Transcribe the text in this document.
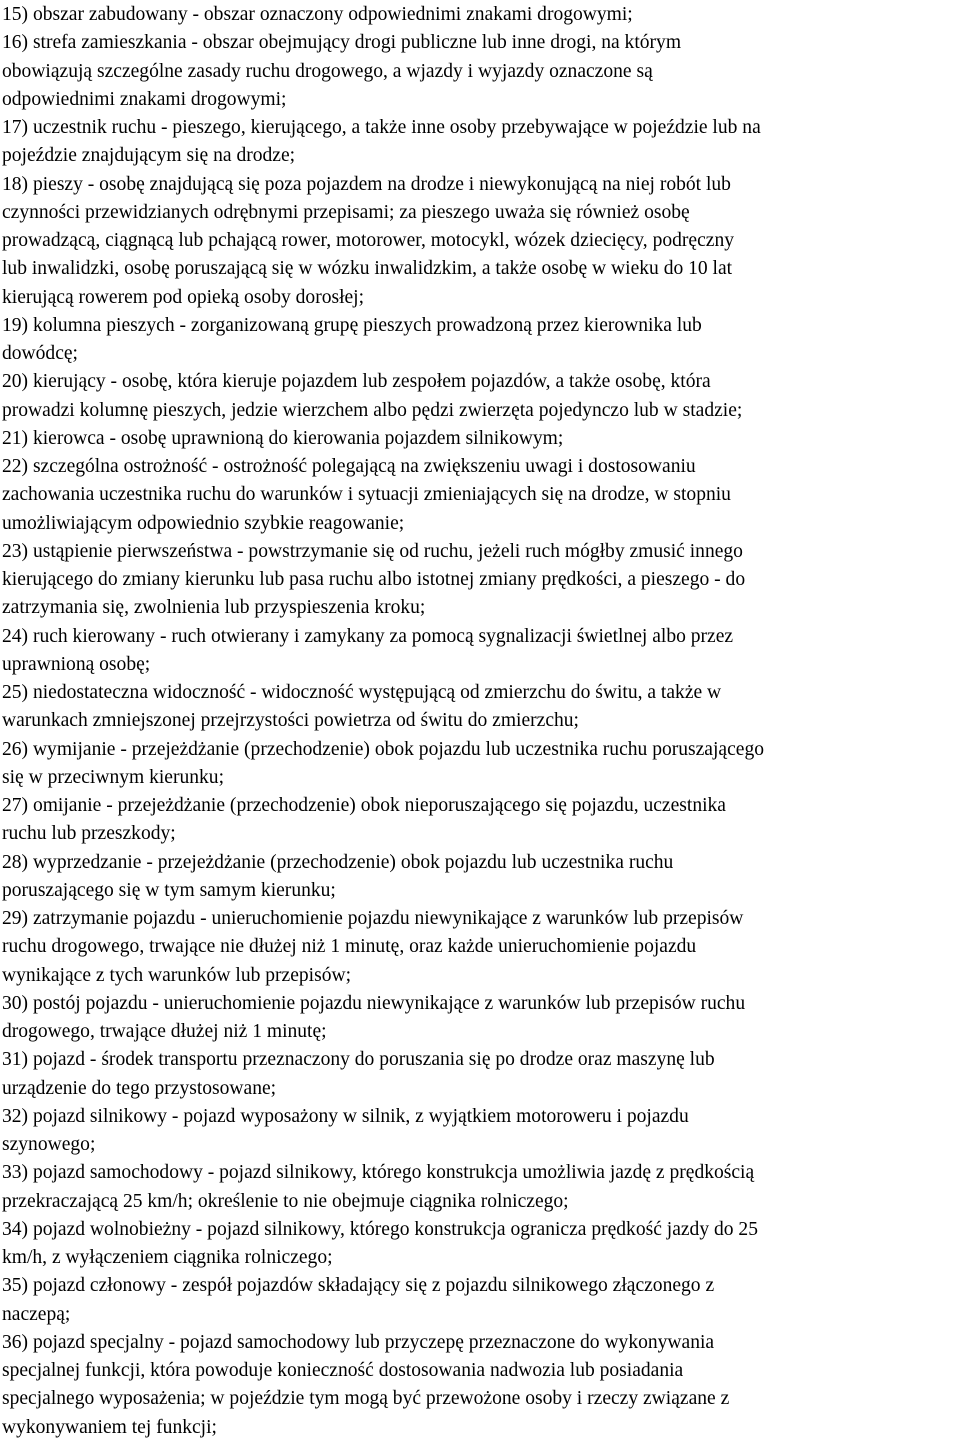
15) obszar zabudowany - obszar oznaczony odpowiednimi znakami drogowymi;
16) strefa zamieszkania - obszar obejmujący drogi publiczne lub inne drogi, na którym
obowiązują szczególne zasady ruchu drogowego, a wjazdy i wyjazdy oznaczone są
odpowiednimi znakami drogowymi;
17) uczestnik ruchu - pieszego, kierującego, a także inne osoby przebywające w pojeździe lub na
pojeździe znajdującym się na drodze;
18) pieszy - osobę znajdującą się poza pojazdem na drodze i niewykonującą na niej robót lub
czynności przewidzianych odrębnymi przepisami; za pieszego uważa się również osobę
prowadzącą, ciągnącą lub pchającą rower, motorower, motocykl, wózek dziecięcy, podręczny
lub inwalidzki, osobę poruszającą się w wózku inwalidzkim, a także osobę w wieku do 10 lat
kierującą rowerem pod opieką osoby dorosłej;
19) kolumna pieszych - zorganizowaną grupę pieszych prowadzoną przez kierownika lub
dowódcę;
20) kierujący - osobę, która kieruje pojazdem lub zespołem pojazdów, a także osobę, która
prowadzi kolumnę pieszych, jedzie wierzchem albo pędzi zwierzęta pojedynczo lub w stadzie;
21) kierowca - osobę uprawnioną do kierowania pojazdem silnikowym;
22) szczególna ostrożność - ostrożność polegającą na zwiększeniu uwagi i dostosowaniu
zachowania uczestnika ruchu do warunków i sytuacji zmieniających się na drodze, w stopniu
umożliwiającym odpowiednio szybkie reagowanie;
23) ustąpienie pierwszeństwa - powstrzymanie się od ruchu, jeżeli ruch mógłby zmusić innego
kierującego do zmiany kierunku lub pasa ruchu albo istotnej zmiany prędkości, a pieszego - do
zatrzymania się, zwolnienia lub przyspieszenia kroku;
24) ruch kierowany - ruch otwierany i zamykany za pomocą sygnalizacji świetlnej albo przez
uprawnioną osobę;
25) niedostateczna widoczność - widoczność występującą od zmierzchu do świtu, a także w
warunkach zmniejszonej przejrzystości powietrza od świtu do zmierzchu;
26) wymijanie - przejeżdżanie (przechodzenie) obok pojazdu lub uczestnika ruchu poruszającego
się w przeciwnym kierunku;
27) omijanie - przejeżdżanie (przechodzenie) obok nieporuszającego się pojazdu, uczestnika
ruchu lub przeszkody;
28) wyprzedzanie - przejeżdżanie (przechodzenie) obok pojazdu lub uczestnika ruchu
poruszającego się w tym samym kierunku;
29) zatrzymanie pojazdu - unieruchomienie pojazdu niewynikające z warunków lub przepisów
ruchu drogowego, trwające nie dłużej niż 1 minutę, oraz każde unieruchomienie pojazdu
wynikające z tych warunków lub przepisów;
30) postój pojazdu - unieruchomienie pojazdu niewynikające z warunków lub przepisów ruchu
drogowego, trwające dłużej niż 1 minutę;
31) pojazd - środek transportu przeznaczony do poruszania się po drodze oraz maszynę lub
urządzenie do tego przystosowane;
32) pojazd silnikowy - pojazd wyposażony w silnik, z wyjątkiem motoroweru i pojazdu
szynowego;
33) pojazd samochodowy - pojazd silnikowy, którego konstrukcja umożliwia jazdę z prędkością
przekraczającą 25 km/h; określenie to nie obejmuje ciągnika rolniczego;
34) pojazd wolnobieżny - pojazd silnikowy, którego konstrukcja ogranicza prędkość jazdy do 25
km/h, z wyłączeniem ciągnika rolniczego;
35) pojazd członowy - zespół pojazdów składający się z pojazdu silnikowego złączonego z
naczepą;
36) pojazd specjalny - pojazd samochodowy lub przyczepę przeznaczone do wykonywania
specjalnej funkcji, która powoduje konieczność dostosowania nadwozia lub posiadania
specjalnego wyposażenia; w pojeździe tym mogą być przewożone osoby i rzeczy związane z
wykonywaniem tej funkcji;
